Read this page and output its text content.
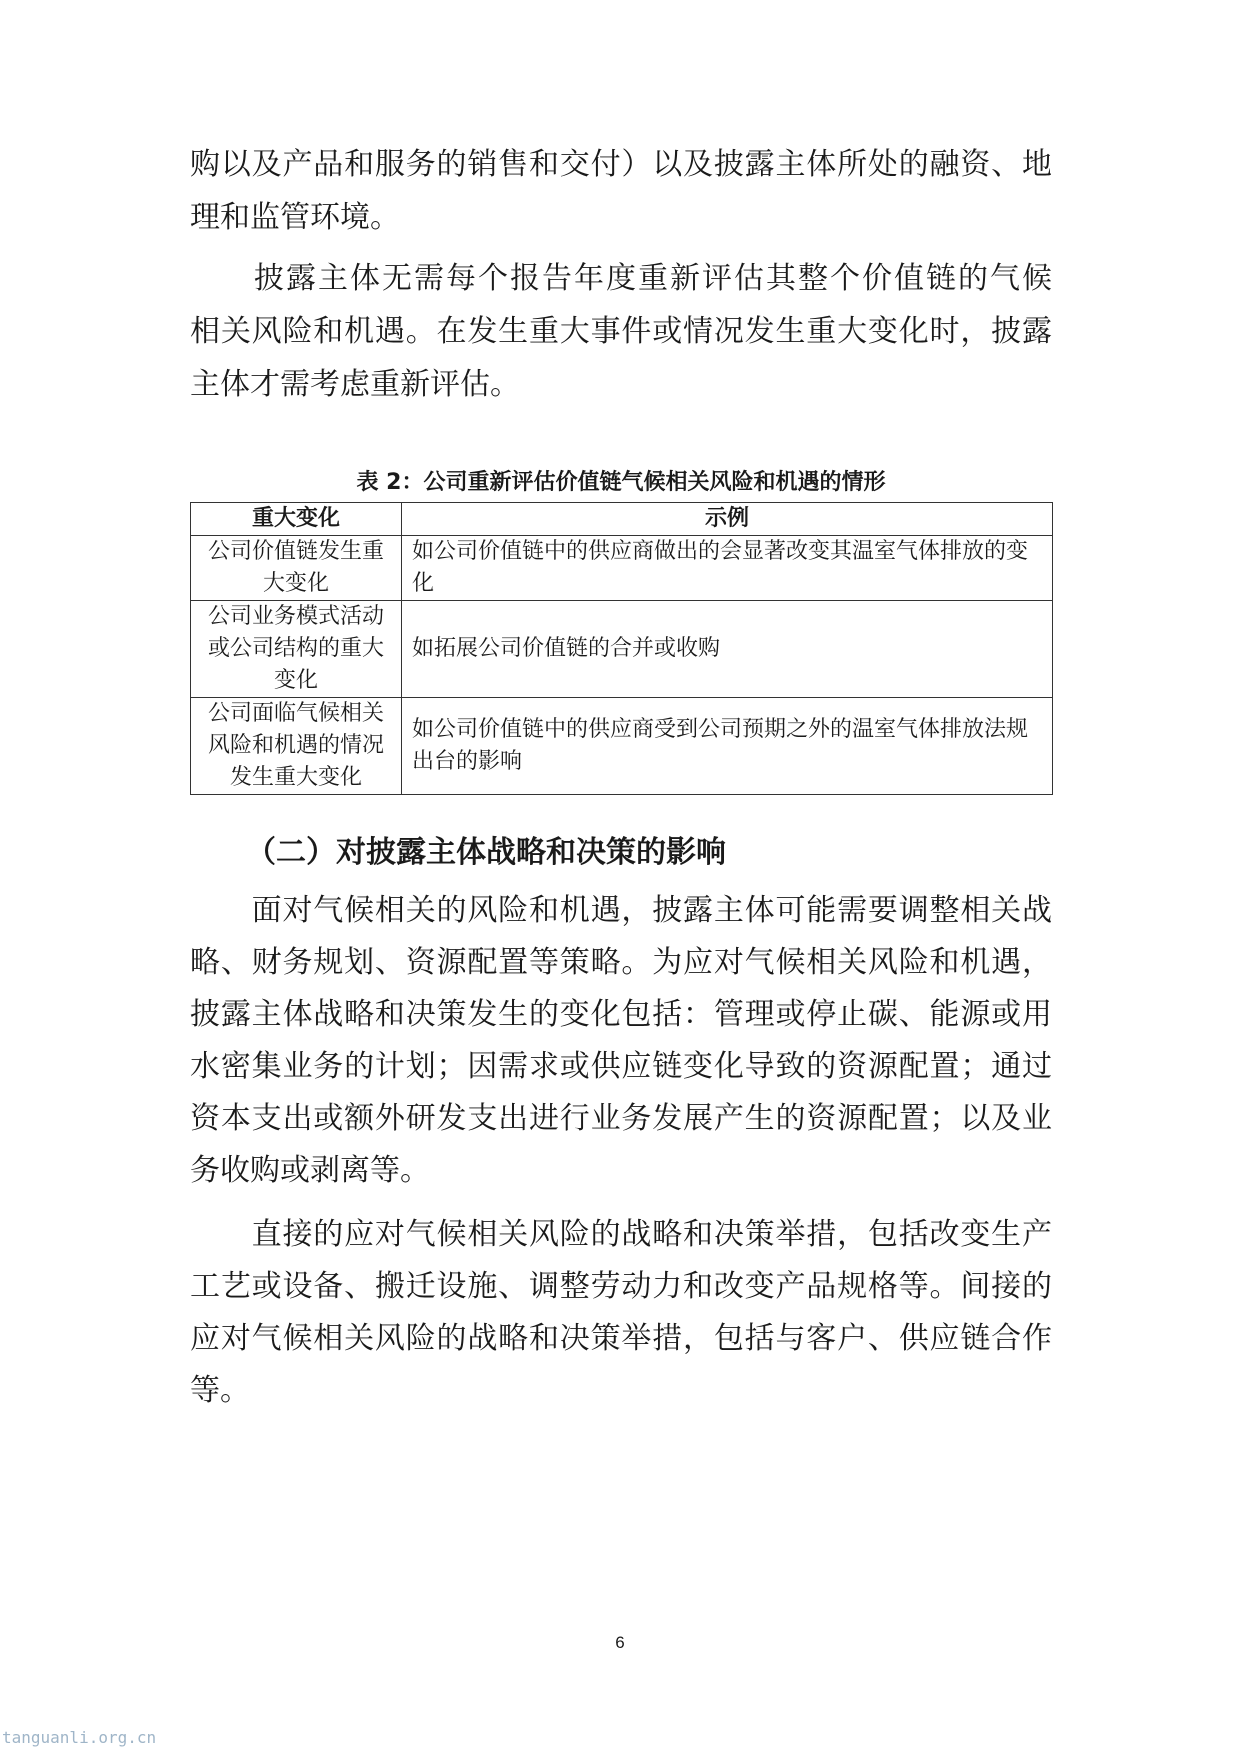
购 以 及 产 品 和 服 务 的 销 售 和 交 付 ） 以 及 披 露 主 体 所 处 的 融 资 、 地
理和监管环境。

披 露 主 体 无 需 每 个 报 告 年 度 重 新 评 估 其 整 个 价 值 链 的 气 候
相 关 风 险 和 机 遇 。 在 发 生 重 大 事 件 或 情 况 发 生 重 大 变 化 时 ， 披 露
主体才需考虑重新评估。
表 2：公司重新评估价值链气候相关风险和机遇的情形
重大变化	示例
公司价值链发生重大变化	如公司价值链中的供应商做出的会显著改变其温室气体排放的变化
公司业务模式活动或公司结构的重大变化	如拓展公司价值链的合并或收购
公司面临气候相关风险和机遇的情况发生重大变化	如公司价值链中的供应商受到公司预期之外的温室气体排放法规出台的影响
（二）对披露主体战略和决策的影响

面 对 气 候 相 关 的 风 险 和 机 遇 ， 披 露 主 体 可 能 需 要 调 整 相 关 战
略 、 财 务 规 划 、 资 源 配 置 等 策 略 。 为 应 对 气 候 相 关 风 险 和 机 遇 ，
披 露 主 体 战 略 和 决 策 发 生 的 变 化 包 括 ： 管 理 或 停 止 碳 、 能 源 或 用
水 密 集 业 务 的 计 划 ； 因 需 求 或 供 应 链 变 化 导 致 的 资 源 配 置 ； 通 过
资 本 支 出 或 额 外 研 发 支 出 进 行 业 务 发 展 产 生 的 资 源 配 置 ； 以 及 业
务收购或剥离等。

直 接 的 应 对 气 候 相 关 风 险 的 战 略 和 决 策 举 措 ， 包 括 改 变 生 产
工 艺 或 设 备 、 搬 迁 设 施 、 调 整 劳 动 力 和 改 变 产 品 规 格 等 。 间 接 的
应 对 气 候 相 关 风 险 的 战 略 和 决 策 举 措 ， 包 括 与 客 户 、 供 应 链 合 作
等。
6
tanguanli.org.cn
